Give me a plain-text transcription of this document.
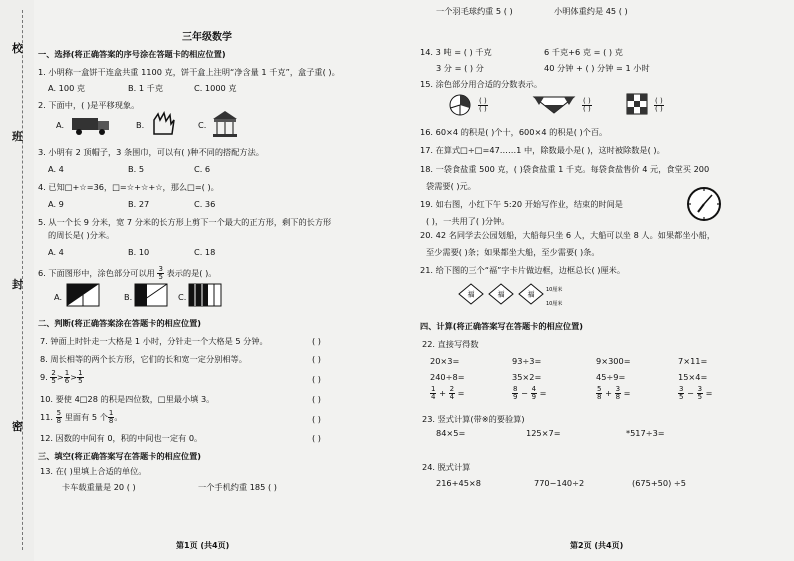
校
班
封
密
三年级数学
一、选择(将正确答案的序号涂在答题卡的相应位置)
1. 小明称一盒饼干连盒共重 1100 克，饼干盒上注明“净含量 1 千克”，盒子重( )。
A. 100 克	B. 1 千克	C. 1000 克
2. 下面中，( )是平移现象。
A.	B.	C.
3. 小明有 2 顶帽子，3 条围巾，可以有( )种不同的搭配方法。
A. 4	B. 5	C. 6
4. 已知□+☆=36，□=☆+☆+☆，那么□=( )。
A. 9	B. 27	C. 36
5. 从一个长 9 分米，宽 7 分米的长方形上剪下一个最大的正方形，剩下的长方形
的周长是( )分米。
A. 4	B. 10	C. 18
6. 下面图形中，涂色部分可以用 $\frac{3}{5}$ 表示的是( )。
A.	B.	C.
二、判断(将正确答案涂在答题卡的相应位置)
7. 钟面上时针走一大格是 1 小时，分针走一个大格是 5 分钟。	( )
8. 周长相等的两个长方形，它们的长和宽一定分别相等。	( )
9. $\frac{2}{5} > \frac{1}{6} > \frac{1}{5}$	( )
10. 要使 4□28 的积是四位数，□里最小填 3。	( )
11. $\frac{5}{8}$ 里面有 5 个 $\frac{1}{8}$ 。	( )
12. 因数的中间有 0，积的中间也一定有 0。	( )
三、填空(将正确答案写在答题卡的相应位置)
13. 在( )里填上合适的单位。
卡车载重量是 20 ( )	一个手机约重 185 ( )
第1页 (共4页)
一个羽毛球约重 5 ( )	小明体重约是 45 ( )
14. 3 吨 = ( ) 千克	6 千克+6 克 = ( ) 克
3 分 = ( ) 分	40 分钟 + ( ) 分钟 = 1 小时
15. 涂色部分用合适的分数表示。
$\frac{( )}{( )}$	$\frac{( )}{( )}$	$\frac{( )}{( )}$
16. 60×4 的积是( )个十，600×4 的积是( )个百。
17. 在算式□÷□=47……1 中，除数最小是( )，这时被除数是( )。
18. 一袋食盐重 500 克，( )袋食盐重 1 千克。每袋食盐售价 4 元，食堂买 200
袋需要( )元。
19. 如右图，小红下午 5:20 开始写作业，结束的时间是
( )，一共用了( )分钟。
20. 42 名同学去公园划船，大船每只坐 6 人，大船可以坐 8 人。如果都坐小船，
至少需要( )条；如果都坐大船，至少需要( )条。
21. 给下图的三个“福”字卡片做边框，边框总长( )厘米。
福	福	福
10厘米
10厘米
四、计算(将正确答案写在答题卡的相应位置)
22. 直接写得数
20×3=	93÷3=	9×300=	7×11=
240÷8=	35×2=	45÷9=	15×4=
$\frac{1}{4} + \frac{2}{4}$ =	$\frac{8}{9} - \frac{4}{9}$ =	$\frac{5}{8} + \frac{3}{8}$ =	$\frac{3}{5} - \frac{3}{5}$ =
23. 竖式计算(带※的要验算)
84×5=	125×7=	*517÷3=
24. 脱式计算
216+45×8	770−140÷2	(675+50) ÷5
第2页 (共4页)
